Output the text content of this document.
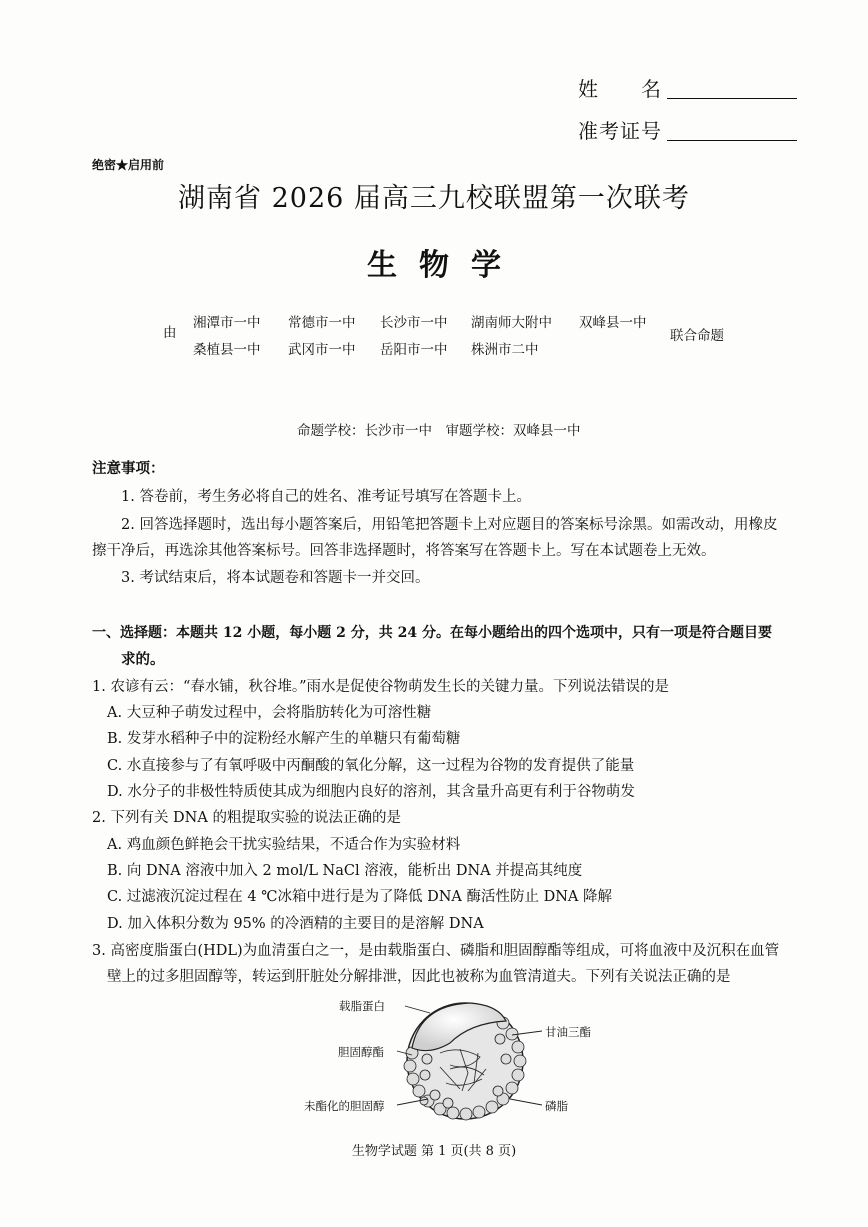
姓　　名
准考证号
绝密★启用前
湖南省 2026 届高三九校联盟第一次联考
生物学
由
湘潭市一中 常德市一中 长沙市一中 湖南师大附中 双峰县一中
桑植县一中 武冈市一中 岳阳市一中 株洲市二中
联合命题
命题学校：长沙市一中　审题学校：双峰县一中
注意事项：
1. 答卷前，考生务必将自己的姓名、准考证号填写在答题卡上。
2. 回答选择题时，选出每小题答案后，用铅笔把答题卡上对应题目的答案标号涂黑。如需改动，用橡皮
擦干净后，再选涂其他答案标号。回答非选择题时，将答案写在答题卡上。写在本试题卷上无效。
3. 考试结束后，将本试题卷和答题卡一并交回。
一、选择题：本题共 12 小题，每小题 2 分，共 24 分。在每小题给出的四个选项中，只有一项是符合题目要
求的。
1. 农谚有云：“春水铺，秋谷堆。”雨水是促使谷物萌发生长的关键力量。下列说法错误的是
A. 大豆种子萌发过程中，会将脂肪转化为可溶性糖
B. 发芽水稻种子中的淀粉经水解产生的单糖只有葡萄糖
C. 水直接参与了有氧呼吸中丙酮酸的氧化分解，这一过程为谷物的发育提供了能量
D. 水分子的非极性特质使其成为细胞内良好的溶剂，其含量升高更有利于谷物萌发
2. 下列有关 DNA 的粗提取实验的说法正确的是
A. 鸡血颜色鲜艳会干扰实验结果，不适合作为实验材料
B. 向 DNA 溶液中加入 2 mol/L NaCl 溶液，能析出 DNA 并提高其纯度
C. 过滤液沉淀过程在 4 ℃冰箱中进行是为了降低 DNA 酶活性防止 DNA 降解
D. 加入体积分数为 95% 的冷酒精的主要目的是溶解 DNA
3. 高密度脂蛋白(HDL)为血清蛋白之一，是由载脂蛋白、磷脂和胆固醇酯等组成，可将血液中及沉积在血管
壁上的过多胆固醇等，转运到肝脏处分解排泄，因此也被称为血管清道夫。下列有关说法正确的是
载脂蛋白
胆固醇酯
未酯化的胆固醇
甘油三酯
磷脂
生物学试题 第 1 页(共 8 页)
